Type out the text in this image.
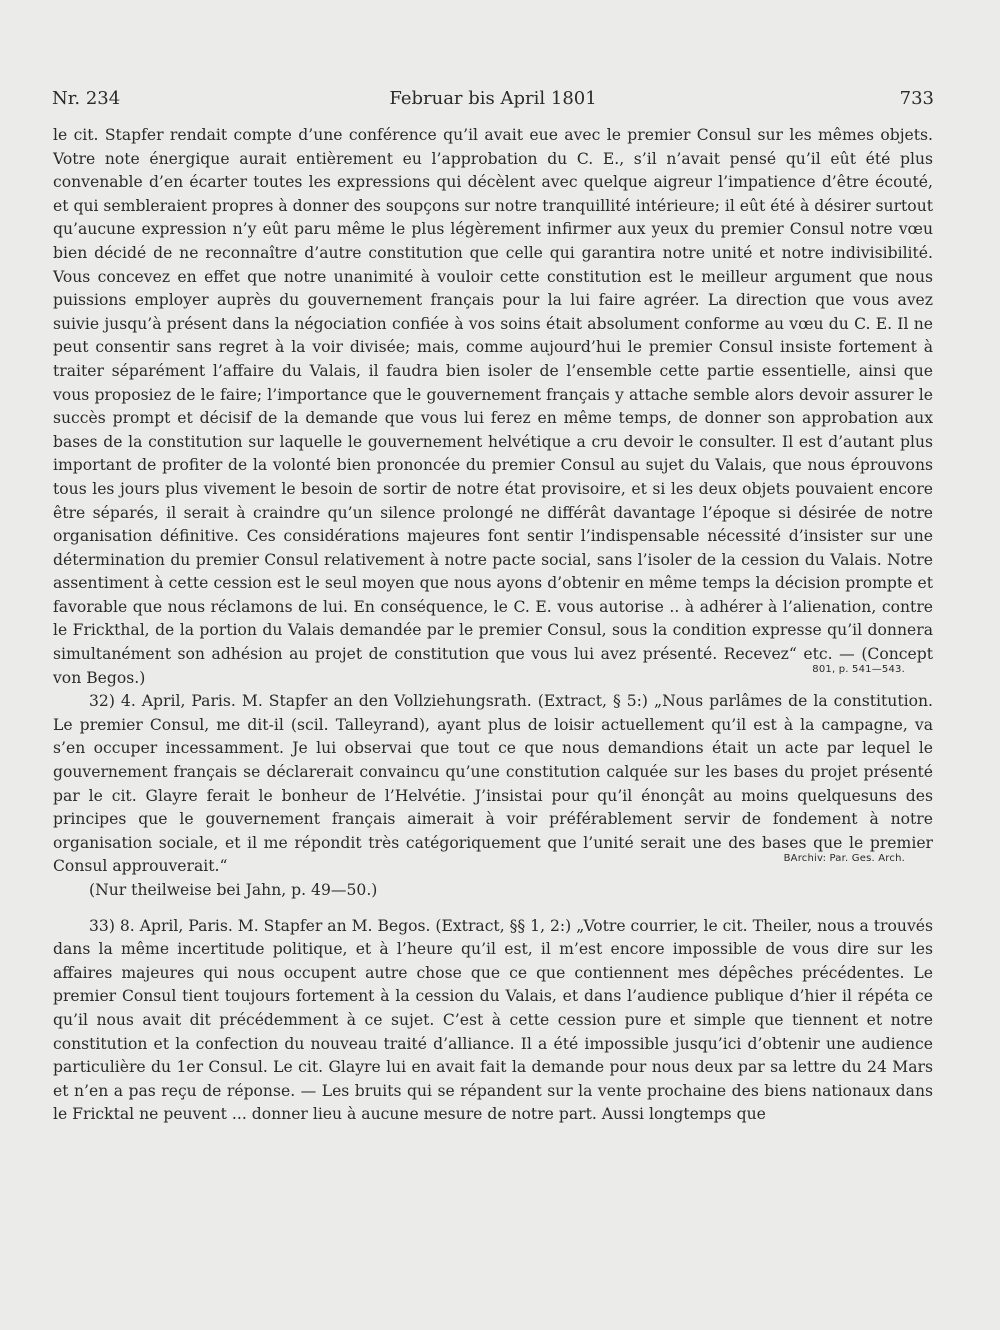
Nr. 234	Februar bis April 1801	733

le cit. Stapfer rendait compte d’une conférence qu’il avait eue avec le premier Consul sur les mêmes objets. Votre note énergique aurait entièrement eu l’approbation du C. E., s’il n’avait pensé qu’il eût été plus convenable d’en écarter toutes les expressions qui décèlent avec quelque aigreur l’impatience d’être écouté, et qui sembleraient propres à donner des soupçons sur notre tranquillité intérieure; il eût été à désirer surtout qu’aucune expression n’y eût paru même le plus légèrement infirmer aux yeux du premier Consul notre vœu bien décidé de ne reconnaître d’autre constitution que celle qui garantira notre unité et notre indivisibilité. Vous concevez en effet que notre unanimité à vouloir cette constitution est le meilleur argument que nous puissions employer auprès du gouvernement français pour la lui faire agréer. La direction que vous avez suivie jusqu’à présent dans la négociation confiée à vos soins était absolument conforme au vœu du C. E. Il ne peut consentir sans regret à la voir divisée; mais, comme aujourd’hui le premier Consul insiste fortement à traiter séparément l’affaire du Valais, il faudra bien isoler de l’ensemble cette partie essentielle, ainsi que vous proposiez de le faire; l’importance que le gouvernement français y attache semble alors devoir assurer le succès prompt et décisif de la demande que vous lui ferez en même temps, de donner son approbation aux bases de la constitution sur laquelle le gouvernement helvétique a cru devoir le consulter. Il est d’autant plus important de profiter de la volonté bien prononcée du premier Consul au sujet du Valais, que nous éprouvons tous les jours plus vivement le besoin de sortir de notre état provisoire, et si les deux objets pouvaient encore être séparés, il serait à craindre qu’un silence prolongé ne différât davantage l’époque si désirée de notre organisation définitive. Ces considérations majeures font sentir l’indispensable nécessité d’insister sur une détermination du premier Consul relativement à notre pacte social, sans l’isoler de la cession du Valais. Notre assentiment à cette cession est le seul moyen que nous ayons d’obtenir en même temps la décision prompte et favorable que nous réclamons de lui. En conséquence, le C. E. vous autorise .. à adhérer à l’alienation, contre le Frickthal, de la portion du Valais demandée par le premier Consul, sous la condition expresse qu’il donnera simultanément son adhésion au projet de constitution que vous lui avez présenté. Recevez“ etc. — (Concept von Begos.)	801, p. 541—543.

32) 4. April, Paris. M. Stapfer an den Vollziehungsrath. (Extract, § 5:) „Nous parlâmes de la constitution. Le premier Consul, me dit-il (scil. Talleyrand), ayant plus de loisir actuellement qu’il est à la campagne, va s’en occuper incessamment. Je lui observai que tout ce que nous demandions était un acte par lequel le gouvernement français se déclarerait convaincu qu’une constitution calquée sur les bases du projet présenté par le cit. Glayre ferait le bonheur de l’Helvétie. J’insistai pour qu’il énonçât au moins quelquesuns des principes que le gouvernement français aimerait à voir préférablement servir de fondement à notre organisation sociale, et il me répondit très catégoriquement que l’unité serait une des bases que le premier Consul approuverait.“	BArchiv: Par. Ges. Arch.

(Nur theilweise bei Jahn, p. 49—50.)

33) 8. April, Paris. M. Stapfer an M. Begos. (Extract, §§ 1, 2:) „Votre courrier, le cit. Theiler, nous a trouvés dans la même incertitude politique, et à l’heure qu’il est, il m’est encore impossible de vous dire sur les affaires majeures qui nous occupent autre chose que ce que contiennent mes dépêches précédentes. Le premier Consul tient toujours fortement à la cession du Valais, et dans l’audience publique d’hier il répéta ce qu’il nous avait dit précédemment à ce sujet. C’est à cette cession pure et simple que tiennent et notre constitution et la confection du nouveau traité d’alliance. Il a été impossible jusqu’ici d’obtenir une audience particulière du 1er Consul. Le cit. Glayre lui en avait fait la demande pour nous deux par sa lettre du 24 Mars et n’en a pas reçu de réponse. — Les bruits qui se répandent sur la vente prochaine des biens nationaux dans le Fricktal ne peuvent ... donner lieu à aucune mesure de notre part. Aussi longtemps que
